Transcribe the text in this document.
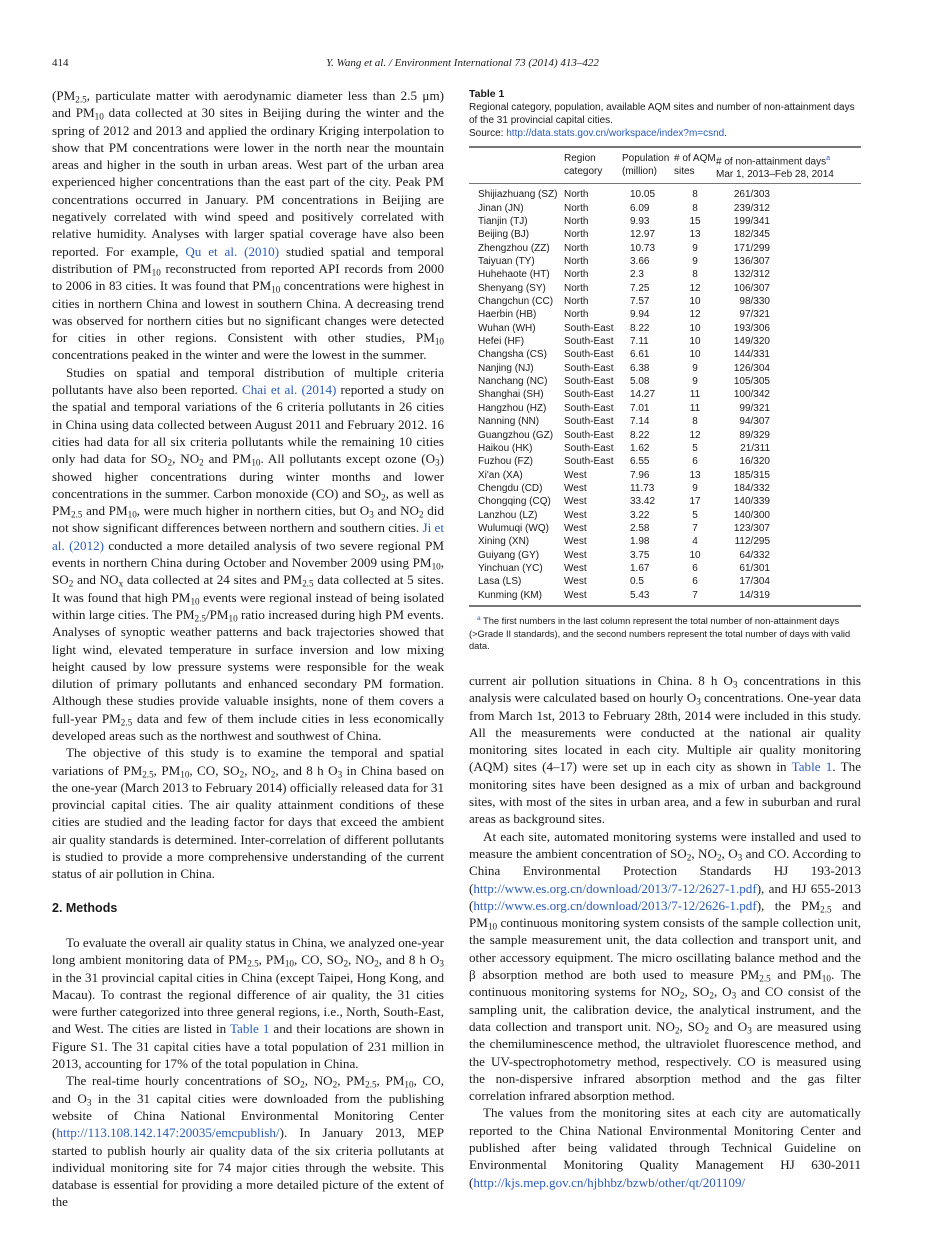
414	Y. Wang et al. / Environment International 73 (2014) 413–422

($PM_{2.5}$, particulate matter with aerodynamic diameter less than 2.5 μm) and $PM_{10}$ data collected at 30 sites in Beijing during the winter and the spring of 2012 and 2013 and applied the ordinary Kriging interpolation to show that PM concentrations were lower in the north near the mountain areas and higher in the south in urban areas. West part of the urban area experienced higher concentrations than the east part of the city. Peak PM concentrations occurred in January. PM concentrations in Beijing are negatively correlated with wind speed and positively correlated with relative humidity. Analyses with larger spatial coverage have also been reported. For example, Qu et al. (2010) studied spatial and temporal distribution of $PM_{10}$ reconstructed from reported API records from 2000 to 2006 in 83 cities. It was found that $PM_{10}$ concentrations were highest in cities in northern China and lowest in southern China. A decreasing trend was observed for northern cities but no significant changes were detected for cities in other regions. Consistent with other studies, $PM_{10}$ concentrations peaked in the winter and were the lowest in the summer.

Studies on spatial and temporal distribution of multiple criteria pollutants have also been reported. Chai et al. (2014) reported a study on the spatial and temporal variations of the 6 criteria pollutants in 26 cities in China using data collected between August 2011 and February 2012. 16 cities had data for all six criteria pollutants while the remaining 10 cities only had data for $SO_2$, $NO_2$ and $PM_{10}$. All pollutants except ozone $(O_3)$ showed higher concentrations during winter months and lower concentrations in the summer. Carbon monoxide (CO) and $SO_2$, as well as $PM_{2.5}$ and $PM_{10}$, were much higher in northern cities, but $O_3$ and $NO_2$ did not show significant differences between northern and southern cities. Ji et al. (2012) conducted a more detailed analysis of two severe regional PM events in northern China during October and November 2009 using $PM_{10}$, $SO_2$ and $NO_x$ data collected at 24 sites and $PM_{2.5}$ data collected at 5 sites. It was found that high $PM_{10}$ events were regional instead of being isolated within large cities. The $PM_{2.5}/PM_{10}$ ratio increased during high PM events. Analyses of synoptic weather patterns and back trajectories showed that light wind, elevated temperature in surface inversion and low mixing height caused by low pressure systems were responsible for the weak dilution of primary pollutants and enhanced secondary PM formation. Although these studies provide valuable insights, none of them covers a full-year $PM_{2.5}$ data and few of them include cities in less economically developed areas such as the northwest and southwest of China.

The objective of this study is to examine the temporal and spatial variations of $PM_{2.5}$, $PM_{10}$, CO, $SO_2$, $NO_2$, and 8 h $O_3$ in China based on the one-year (March 2013 to February 2014) officially released data for 31 provincial capital cities. The air quality attainment conditions of these cities are studied and the leading factor for days that exceed the ambient air quality standards is determined. Inter-correlation of different pollutants is studied to provide a more comprehensive understanding of the current status of air pollution in China.

2. Methods

To evaluate the overall air quality status in China, we analyzed one-year long ambient monitoring data of $PM_{2.5}$, $PM_{10}$, CO, $SO_2$, $NO_2$, and 8 h $O_3$ in the 31 provincial capital cities in China (except Taipei, Hong Kong, and Macau). To contrast the regional difference of air quality, the 31 cities were further categorized into three general regions, i.e., North, South-East, and West. The cities are listed in Table 1 and their locations are shown in Figure S1. The 31 capital cities have a total population of 231 million in 2013, accounting for 17% of the total population in China.

The real-time hourly concentrations of $SO_2$, $NO_2$, $PM_{2.5}$, $PM_{10}$, CO, and $O_3$ in the 31 capital cities were downloaded from the publishing website of China National Environmental Monitoring Center (http://113.108.142.147:20035/emcpublish/). In January 2013, MEP started to publish hourly air quality data of the six criteria pollutants at individual monitoring site for 74 major cities through the website. This database is essential for providing a more detailed picture of the extent of the

Table 1
Regional category, population, available AQM sites and number of non-attainment days of the 31 provincial capital cities.
Source: http://data.stats.gov.cn/workspace/index?m=csnd.
	Region
category	Population
(million)	# of AQM
sites	# of non-attainment days$^a$
Mar 1, 2013–Feb 28, 2014
Shijiazhuang (SZ)	North	10.05	8	261/303
Jinan (JN)	North	6.09	8	239/312
Tianjin (TJ)	North	9.93	15	199/341
Beijing (BJ)	North	12.97	13	182/345
Zhengzhou (ZZ)	North	10.73	9	171/299
Taiyuan (TY)	North	3.66	9	136/307
Huhehaote (HT)	North	2.3	8	132/312
Shenyang (SY)	North	7.25	12	106/307
Changchun (CC)	North	7.57	10	98/330
Haerbin (HB)	North	9.94	12	97/321
Wuhan (WH)	South-East	8.22	10	193/306
Hefei (HF)	South-East	7.11	10	149/320
Changsha (CS)	South-East	6.61	10	144/331
Nanjing (NJ)	South-East	6.38	9	126/304
Nanchang (NC)	South-East	5.08	9	105/305
Shanghai (SH)	South-East	14.27	11	100/342
Hangzhou (HZ)	South-East	7.01	11	99/321
Nanning (NN)	South-East	7.14	8	94/307
Guangzhou (GZ)	South-East	8.22	12	89/329
Haikou (HK)	South-East	1.62	5	21/311
Fuzhou (FZ)	South-East	6.55	6	16/320
Xi'an (XA)	West	7.96	13	185/315
Chengdu (CD)	West	11.73	9	184/332
Chongqing (CQ)	West	33.42	17	140/339
Lanzhou (LZ)	West	3.22	5	140/300
Wulumuqi (WQ)	West	2.58	7	123/307
Xining (XN)	West	1.98	4	112/295
Guiyang (GY)	West	3.75	10	64/332
Yinchuan (YC)	West	1.67	6	61/301
Lasa (LS)	West	0.5	6	17/304
Kunming (KM)	West	5.43	7	14/319
$^a$ The first numbers in the last column represent the total number of non-attainment days (>Grade II standards), and the second numbers represent the total number of days with valid data.

current air pollution situations in China. 8 h $O_3$ concentrations in this analysis were calculated based on hourly $O_3$ concentrations. One-year data from March 1st, 2013 to February 28th, 2014 were included in this study. All the measurements were conducted at the national air quality monitoring sites located in each city. Multiple air quality monitoring (AQM) sites (4–17) were set up in each city as shown in Table 1. The monitoring sites have been designed as a mix of urban and background sites, with most of the sites in urban area, and a few in suburban and rural areas as background sites.

At each site, automated monitoring systems were installed and used to measure the ambient concentration of $SO_2$, $NO_2$, $O_3$ and CO. According to China Environmental Protection Standards HJ 193-2013 (http://www.es.org.cn/download/2013/7-12/2627-1.pdf), and HJ 655-2013 (http://www.es.org.cn/download/2013/7-12/2626-1.pdf), the $PM_{2.5}$ and $PM_{10}$ continuous monitoring system consists of the sample collection unit, the sample measurement unit, the data collection and transport unit, and other accessory equipment. The micro oscillating balance method and the β absorption method are both used to measure $PM_{2.5}$ and $PM_{10}$. The continuous monitoring systems for $NO_2$, $SO_2$, $O_3$ and CO consist of the sampling unit, the calibration device, the analytical instrument, and the data collection and transport unit. $NO_2$, $SO_2$ and $O_3$ are measured using the chemiluminescence method, the ultraviolet fluorescence method, and the UV-spectrophotometry method, respectively. CO is measured using the non-dispersive infrared absorption method and the gas filter correlation infrared absorption method.

The values from the monitoring sites at each city are automatically reported to the China National Environmental Monitoring Center and published after being validated through Technical Guideline on Environmental Monitoring Quality Management HJ 630-2011 (http://kjs.mep.gov.cn/hjbhbz/bzwb/other/qt/201109/
